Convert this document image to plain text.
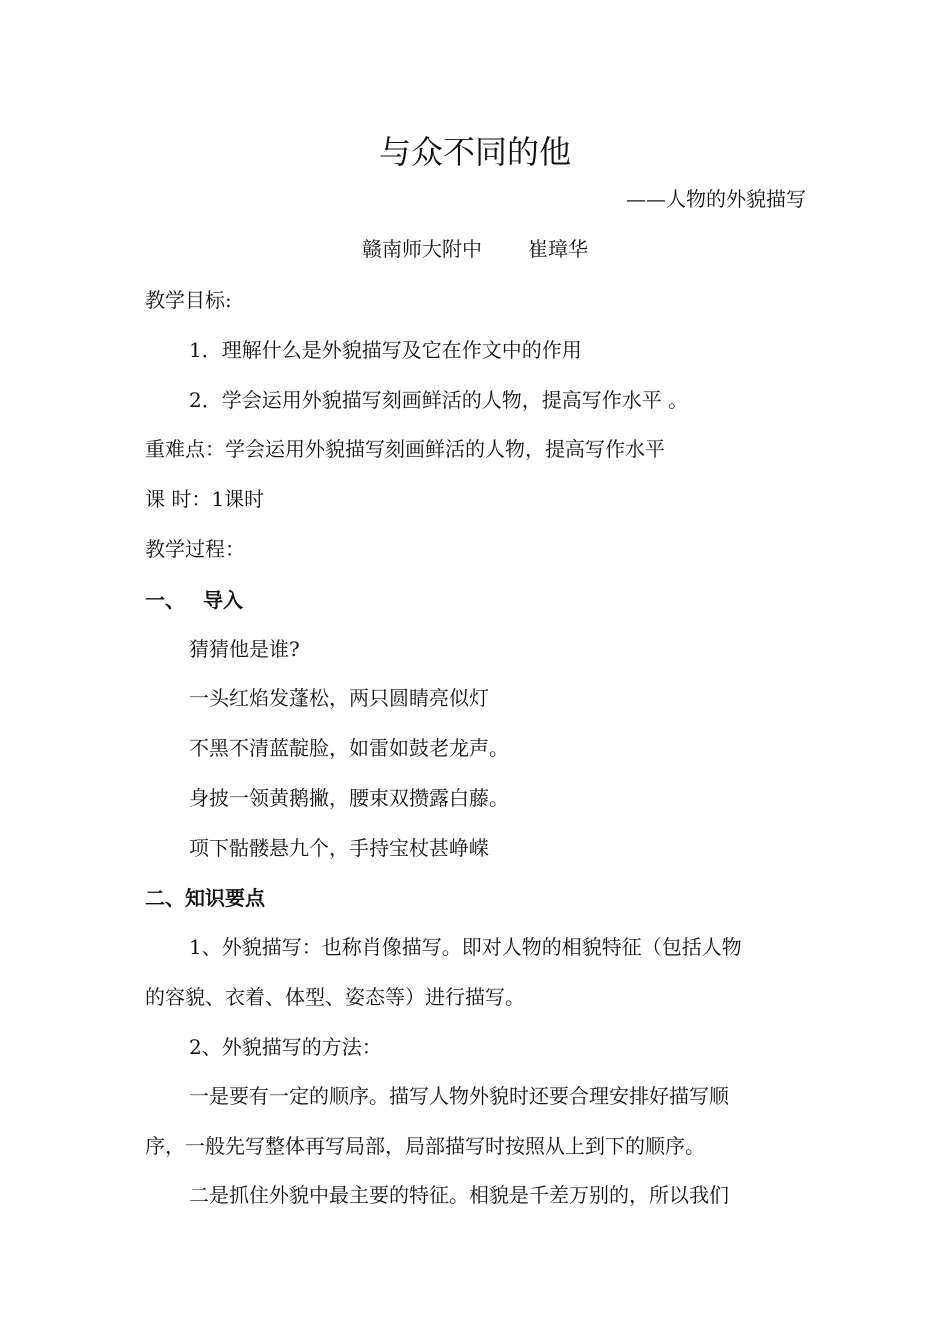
与众不同的他
——人物的外貌描写
赣南师大附中 崔璋华
教学目标:
1．理解什么是外貌描写及它在作文中的作用
2．学会运用外貌描写刻画鲜活的人物，提高写作水平 。
重难点：学会运用外貌描写刻画鲜活的人物，提高写作水平
课 时：1课时
教学过程：
一、 导入
猜猜他是谁?
一头红焰发蓬松，两只圆睛亮似灯
不黑不清蓝靛脸，如雷如鼓老龙声。
身披一领黄鹅撇，腰束双攒露白藤。
项下骷髅悬九个，手持宝杖甚峥嵘
二、知识要点
1、外貌描写：也称肖像描写。即对人物的相貌特征（包括人物
的容貌、衣着、体型、姿态等）进行描写。
2、外貌描写的方法：
一是要有一定的顺序。描写人物外貌时还要合理安排好描写顺
序，一般先写整体再写局部，局部描写时按照从上到下的顺序。
二是抓住外貌中最主要的特征。相貌是千差万别的，所以我们
